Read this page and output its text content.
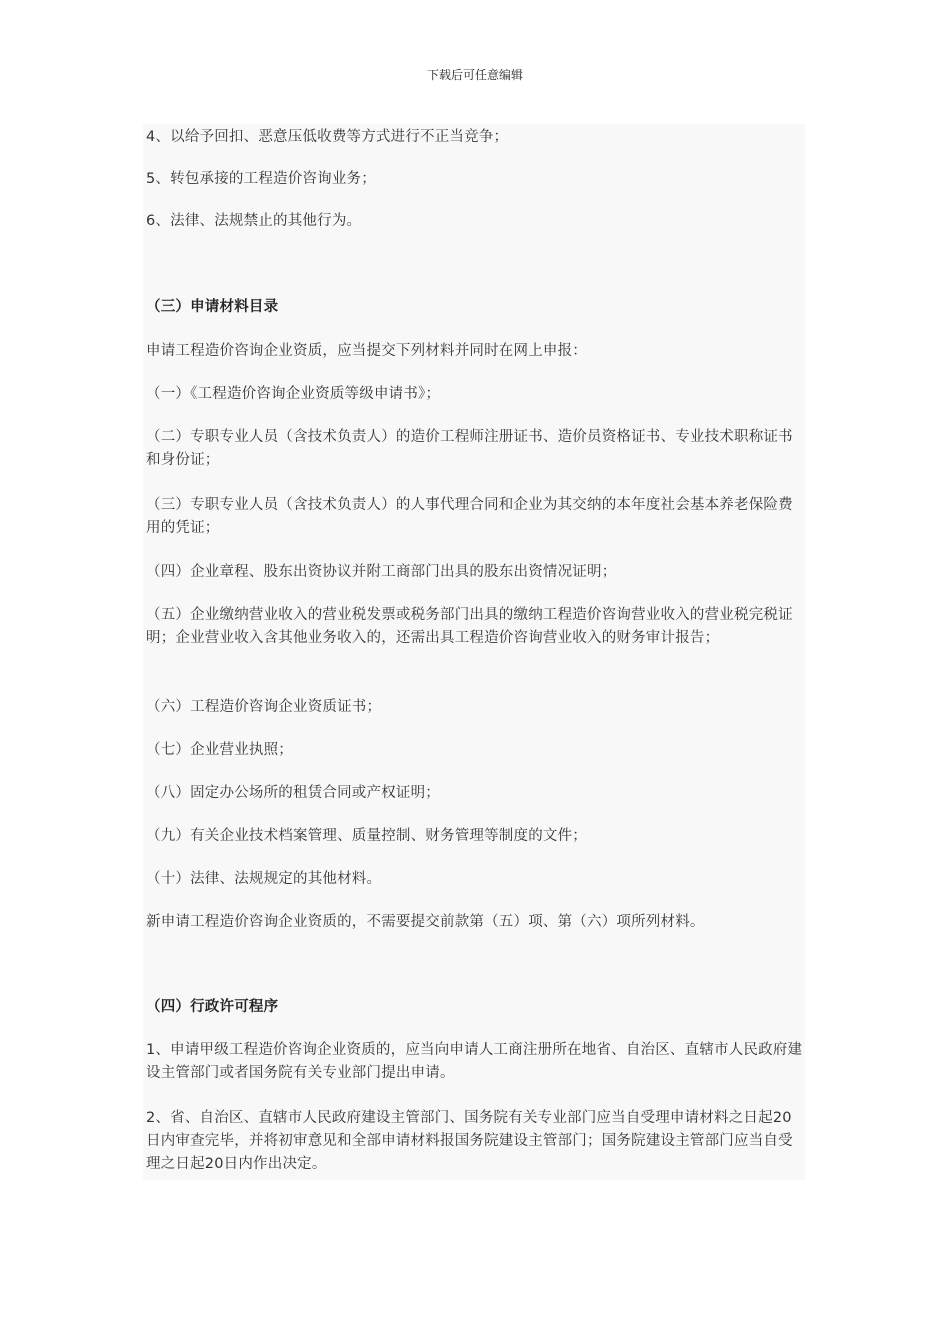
下载后可任意编辑

4、以给予回扣、恶意压低收费等方式进行不正当竞争；

5、转包承接的工程造价咨询业务；

6、法律、法规禁止的其他行为。

（三）申请材料目录

申请工程造价咨询企业资质，应当提交下列材料并同时在网上申报：

（一）《工程造价咨询企业资质等级申请书》；

（二）专职专业人员（含技术负责人）的造价工程师注册证书、造价员资格证书、专业技术职称证书和身份证；

（三）专职专业人员（含技术负责人）的人事代理合同和企业为其交纳的本年度社会基本养老保险费用的凭证；

（四）企业章程、股东出资协议并附工商部门出具的股东出资情况证明；

（五）企业缴纳营业收入的营业税发票或税务部门出具的缴纳工程造价咨询营业收入的营业税完税证明；企业营业收入含其他业务收入的，还需出具工程造价咨询营业收入的财务审计报告；

（六）工程造价咨询企业资质证书；

（七）企业营业执照；

（八）固定办公场所的租赁合同或产权证明；

（九）有关企业技术档案管理、质量控制、财务管理等制度的文件；

（十）法律、法规规定的其他材料。

新申请工程造价咨询企业资质的，不需要提交前款第（五）项、第（六）项所列材料。

（四）行政许可程序

1、申请甲级工程造价咨询企业资质的，应当向申请人工商注册所在地省、自治区、直辖市人民政府建设主管部门或者国务院有关专业部门提出申请。

2、省、自治区、直辖市人民政府建设主管部门、国务院有关专业部门应当自受理申请材料之日起20日内审查完毕，并将初审意见和全部申请材料报国务院建设主管部门；国务院建设主管部门应当自受理之日起20日内作出决定。
